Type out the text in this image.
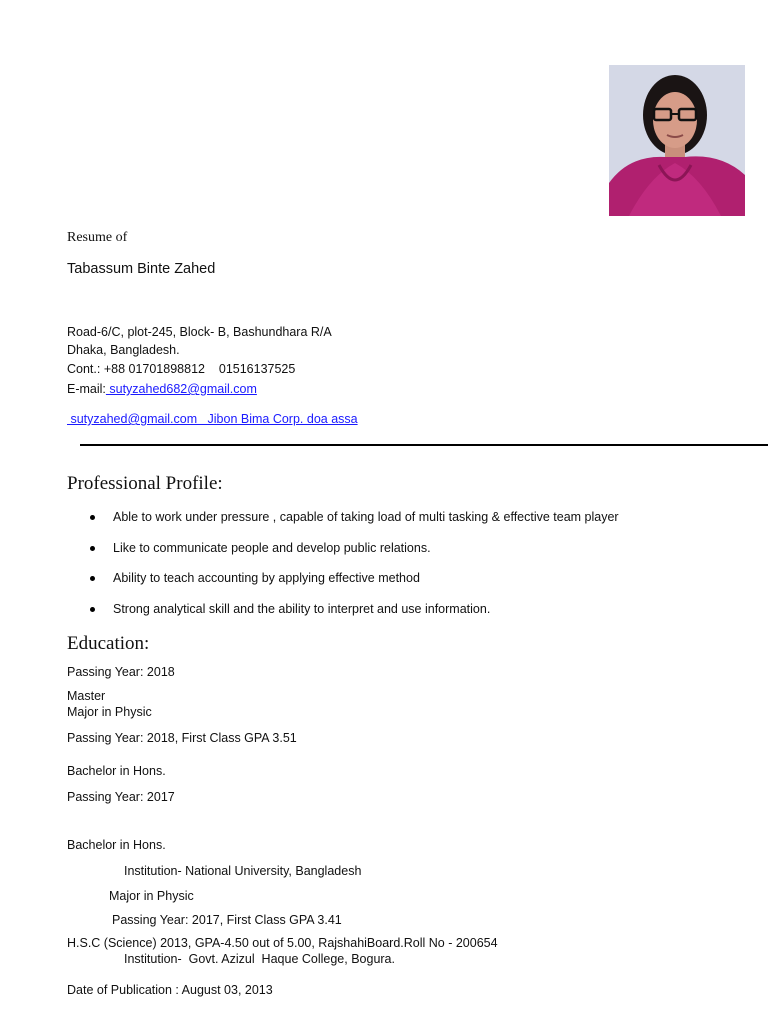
Resume of
Tabassum Binte Zahed
Road-6/C, plot-245, Block- B, Bashundhara R/A
Dhaka, Bangladesh.
Cont.: +88 01701898812    01516137525
E-mail: sutyzahed682@gmail.com
sutyzahed@gmail.com   Jibon Bima Corp. doa assa
Professional Profile:
Able to work under pressure , capable of taking load of multi tasking & effective team player
Like to communicate people and develop public relations.
Ability to teach accounting by applying effective method
Strong analytical skill and the ability to interpret and use information.
Education:
Passing Year: 2018
Master
Major in Physic
Passing Year: 2018, First Class GPA 3.51
Bachelor in Hons.
Passing Year: 2017
Bachelor in Hons.
Institution- National University, Bangladesh
Major in Physic
Passing Year: 2017, First Class GPA 3.41
H.S.C (Science) 2013, GPA-4.50 out of 5.00, RajshahiBoard.Roll No - 200654
Institution-  Govt. Azizul  Haque College, Bogura.
Date of Publication : August 03, 2013
